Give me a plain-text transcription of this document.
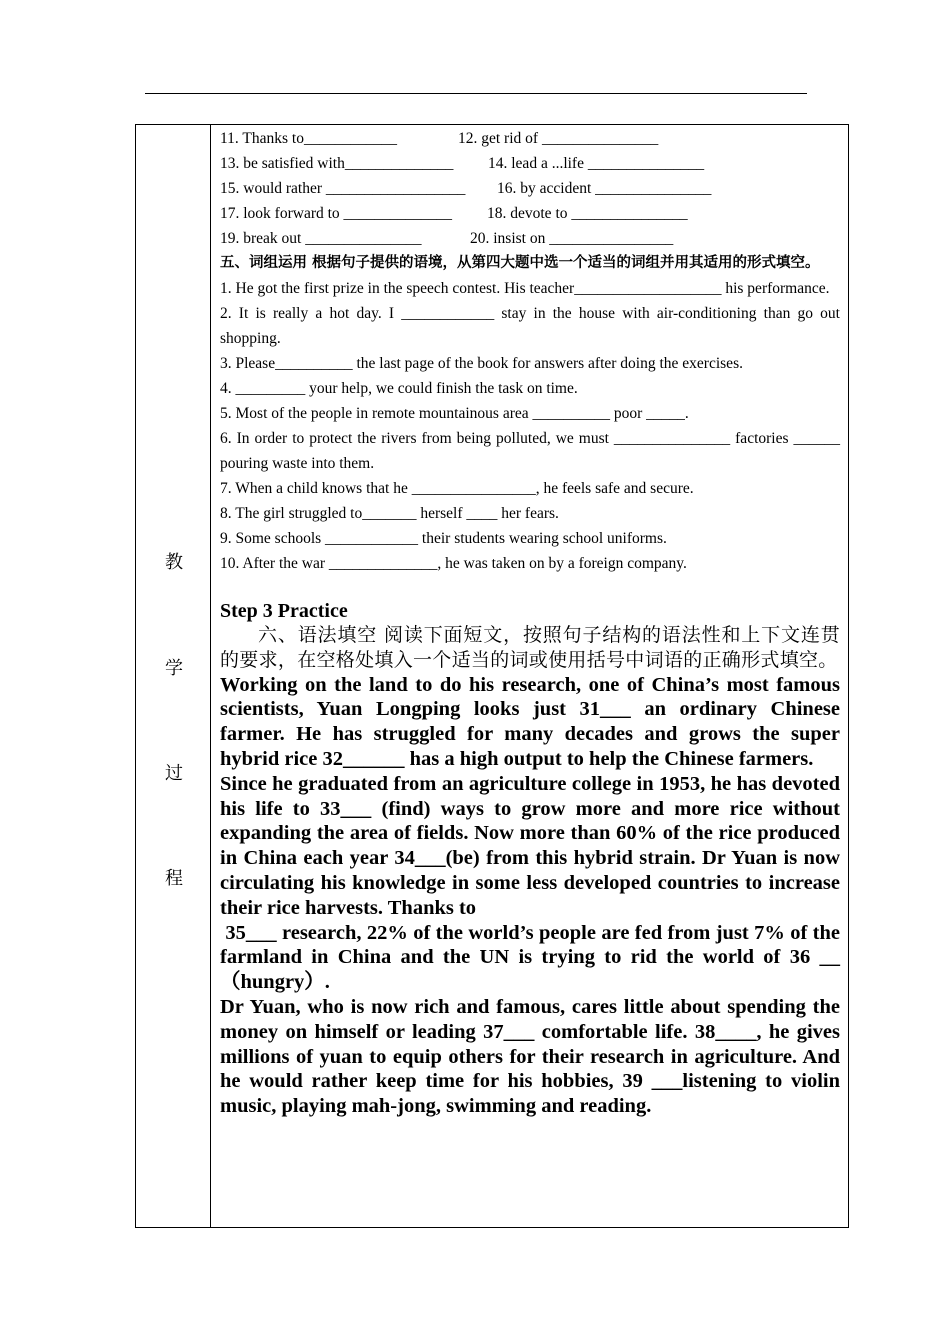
教
学
过
程
11. Thanks to____________	12. get rid of _______________
13. be satisfied with______________ 14. lead a ...life _______________
15. would rather __________________ 16. by accident _______________
17. look forward to ______________ 18. devote to _______________
19. break out _______________	20. insist on ________________
五、词组运用 根据句子提供的语境，从第四大题中选一个适当的词组并用其适用的形式填空。
1. He got the first prize in the speech contest. His teacher___________________ his performance.
2. It is really a hot day. I ____________ stay in the house with air-conditioning than go out shopping.
3. Please__________ the last page of the book for answers after doing the exercises.
4. _________ your help, we could finish the task on time.
5. Most of the people in remote mountainous area __________ poor _____.
6. In order to protect the rivers from being polluted, we must _______________ factories ______ pouring waste into them.
7. When a child knows that he ________________, he feels safe and secure.
8. The girl struggled to_______ herself ____ her fears.
9. Some schools ____________ their students wearing school uniforms.
10. After the war ______________, he was taken on by a foreign company.
Step 3 Practice
六、语法填空 阅读下面短文，按照句子结构的语法性和上下文连贯的要求，在空格处填入一个适当的词或使用括号中词语的正确形式填空。
Working on the land to do his research, one of China’s most famous scientists, Yuan Longping looks just 31___ an ordinary Chinese farmer. He has struggled for many decades and grows the super hybrid rice 32______ has a high output to help the Chinese farmers.
Since he graduated from an agriculture college in 1953, he has devoted his life to 33___ (find) ways to grow more and more rice without expanding the area of fields. Now more than 60% of the rice produced in China each year 34___(be) from this hybrid strain. Dr Yuan is now circulating his knowledge in some less developed countries to increase their rice harvests. Thanks to
35___ research, 22% of the world’s people are fed from just 7% of the farmland in China and the UN is trying to rid the world of 36 __ （hungry）.
Dr Yuan, who is now rich and famous, cares little about spending the money on himself or leading 37___ comfortable life. 38____, he gives millions of yuan to equip others for their research in agriculture. And he would rather keep time for his hobbies, 39 ___listening to violin music, playing mah-jong, swimming and reading.
